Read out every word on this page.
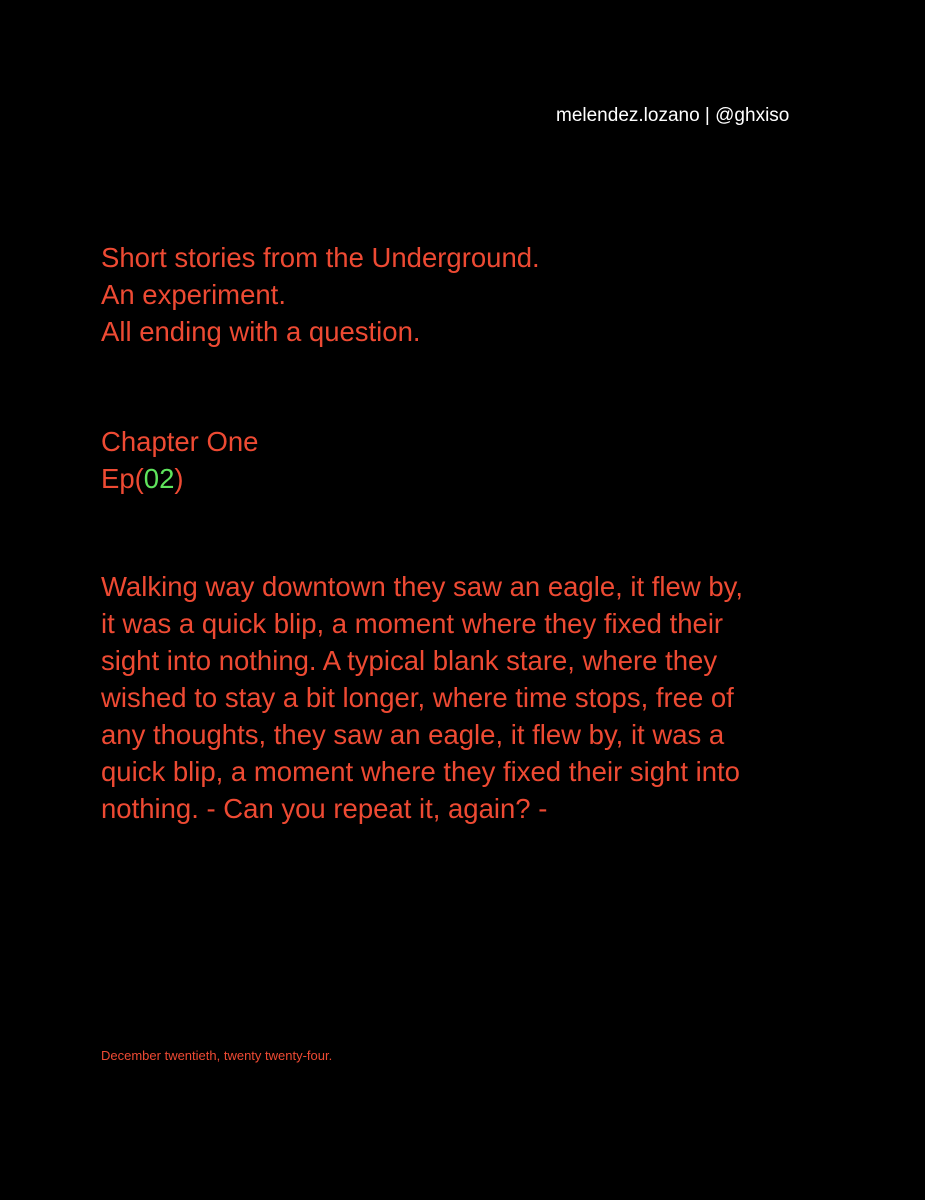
melendez.lozano | @ghxiso
Short stories from the Underground.
An experiment.
All ending with a question.
Chapter One
Ep(02)
Walking way downtown they saw an eagle, it flew by,
it was a quick blip, a moment where they fixed their
sight into nothing. A typical blank stare, where they
wished to stay a bit longer, where time stops, free of
any thoughts, they saw an eagle, it flew by, it was a
quick blip, a moment where they fixed their sight into
nothing. - Can you repeat it, again? -
December twentieth, twenty twenty-four.
